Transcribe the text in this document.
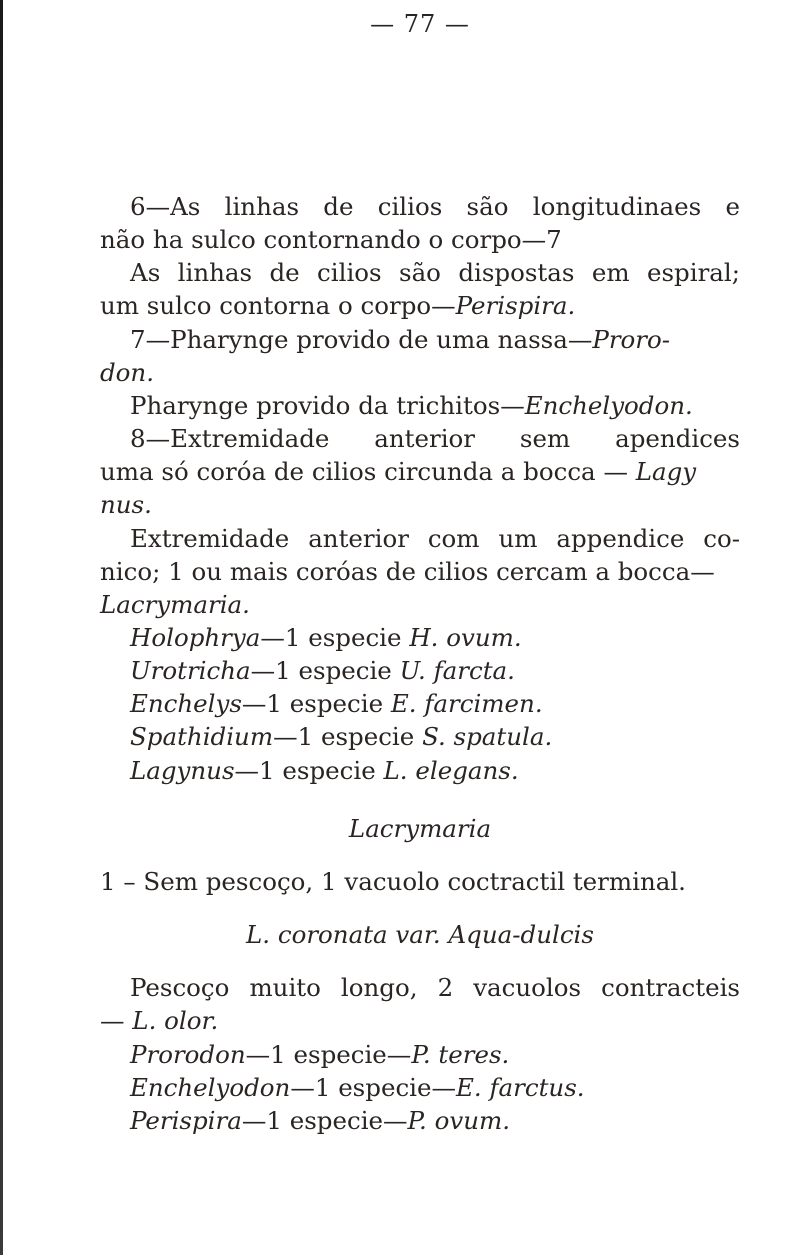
— 77 —
6—As linhas de cilios são longitudinaes e
não ha sulco contornando o corpo—7
As linhas de cilios são dispostas em espiral;
um sulco contorna o corpo—Perispira.
7—Pharynge provido de uma nassa—Proro-
don.
Pharynge provido da trichitos—Enchelyodon.
8—Extremidade anterior sem apendices
uma só coróa de cilios circunda a bocca — Lagy
nus.
Extremidade anterior com um appendice co-
nico; 1 ou mais coróas de cilios cercam a bocca—
Lacrymaria.
Holophrya—1 especie H. ovum.
Urotricha—1 especie U. farcta.
Enchelys—1 especie E. farcimen.
Spathidium—1 especie S. spatula.
Lagynus—1 especie L. elegans.
Lacrymaria
1 – Sem pescoço, 1 vacuolo coctractil terminal.
L. coronata var. Aqua-dulcis
Pescoço muito longo, 2 vacuolos contracteis
— L. olor.
Prorodon—1 especie—P. teres.
Enchelyodon—1 especie—E. farctus.
Perispira—1 especie—P. ovum.
